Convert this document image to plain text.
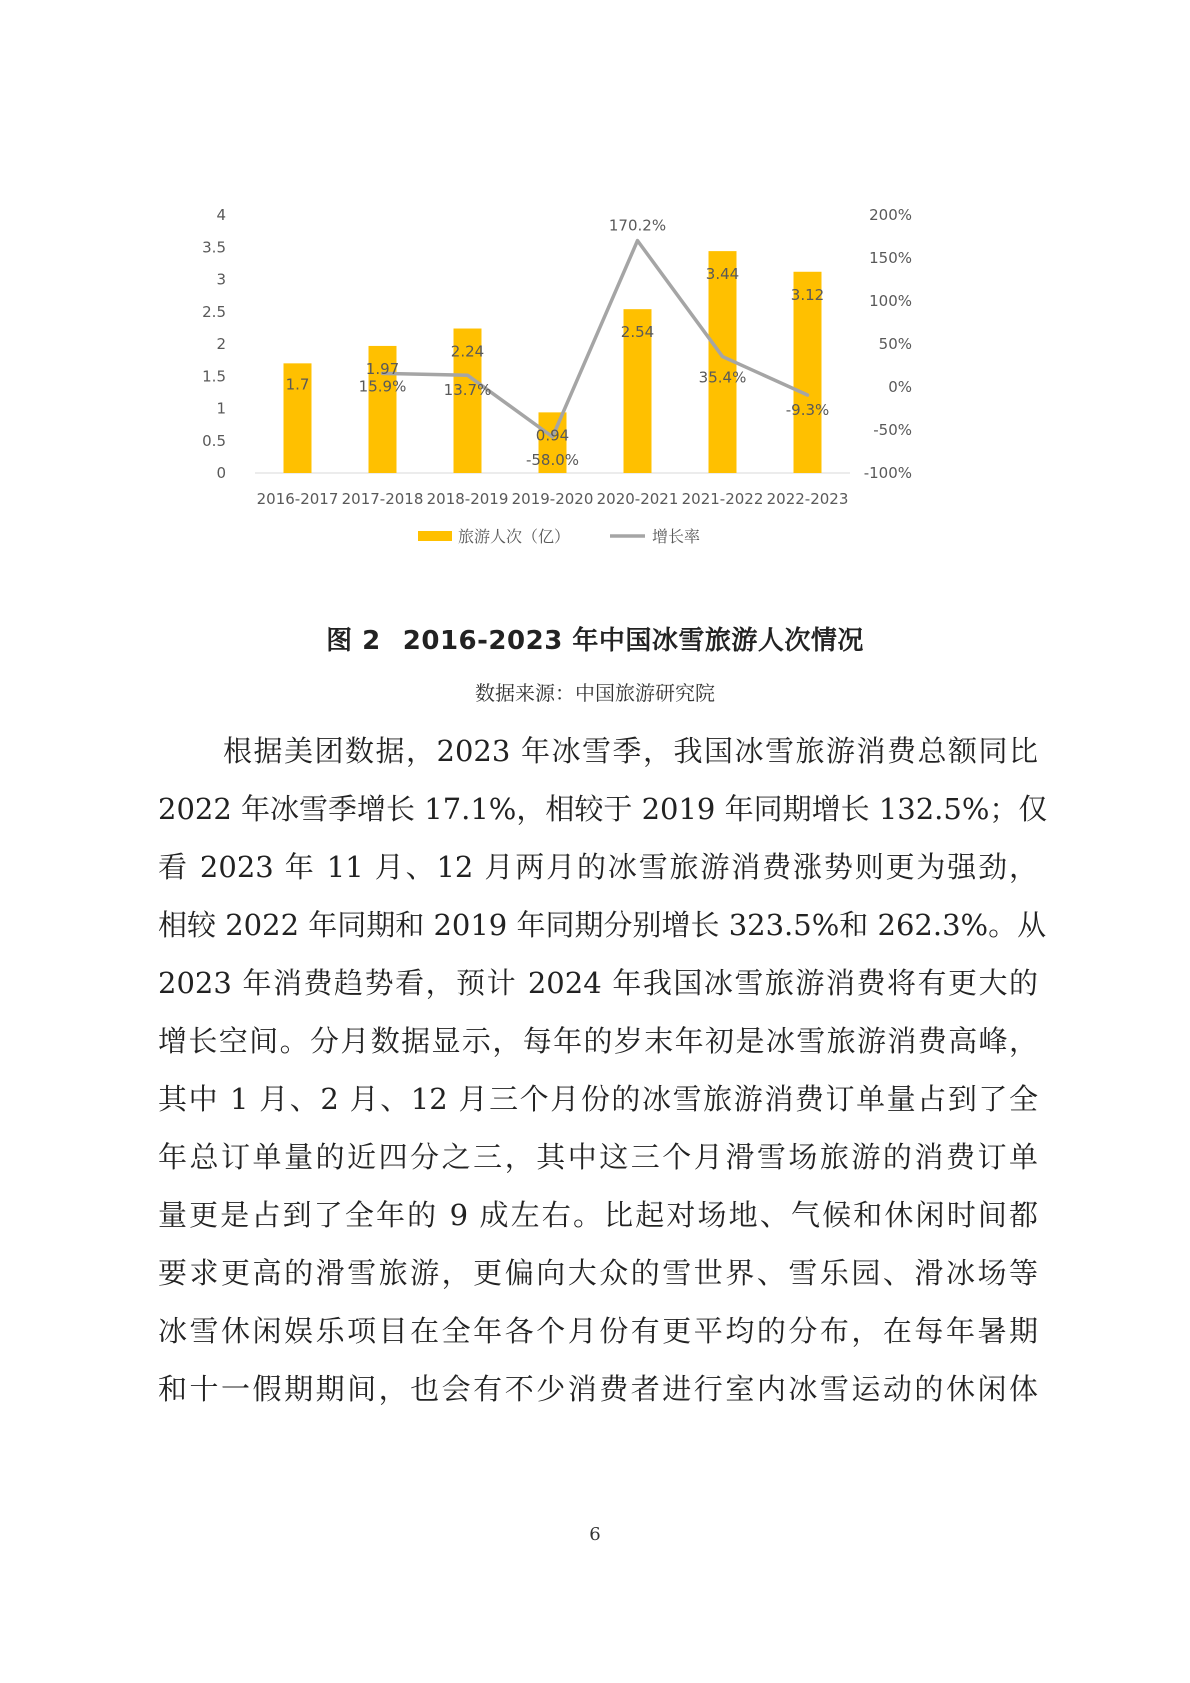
0
0.5
1
1.5
2
2.5
3
3.5
4
-100%
-50%
0%
50%
100%
150%
200%
2016-2017 2017-2018 2018-2019 2019-2020 2020-2021 2021-2022 2022-2023
1.7
1.97
2.24
0.94
2.54
3.44
3.12
15.9% 13.7%
-58.0%
170.2%
35.4%
-9.3%
旅游人次（亿）	增长率
图 2 2016-2023 年中国冰雪旅游人次情况
数据来源：中国旅游研究院
根据美团数据，2023 年冰雪季，我国冰雪旅游消费总额同比
2022 年冰雪季增长 17.1%，相较于 2019 年同期增长 132.5%；仅
看 2023 年 11 月、12 月两月的冰雪旅游消费涨势则更为强劲，
相较 2022 年同期和 2019 年同期分别增长 323.5%和 262.3%。从
2023 年消费趋势看，预计 2024 年我国冰雪旅游消费将有更大的
增长空间。分月数据显示，每年的岁末年初是冰雪旅游消费高峰，
其中 1 月、2 月、12 月三个月份的冰雪旅游消费订单量占到了全
年总订单量的近四分之三，其中这三个月滑雪场旅游的消费订单
量更是占到了全年的 9 成左右。比起对场地、气候和休闲时间都
要求更高的滑雪旅游，更偏向大众的雪世界、雪乐园、滑冰场等
冰雪休闲娱乐项目在全年各个月份有更平均的分布，在每年暑期
和十一假期期间，也会有不少消费者进行室内冰雪运动的休闲体
6
